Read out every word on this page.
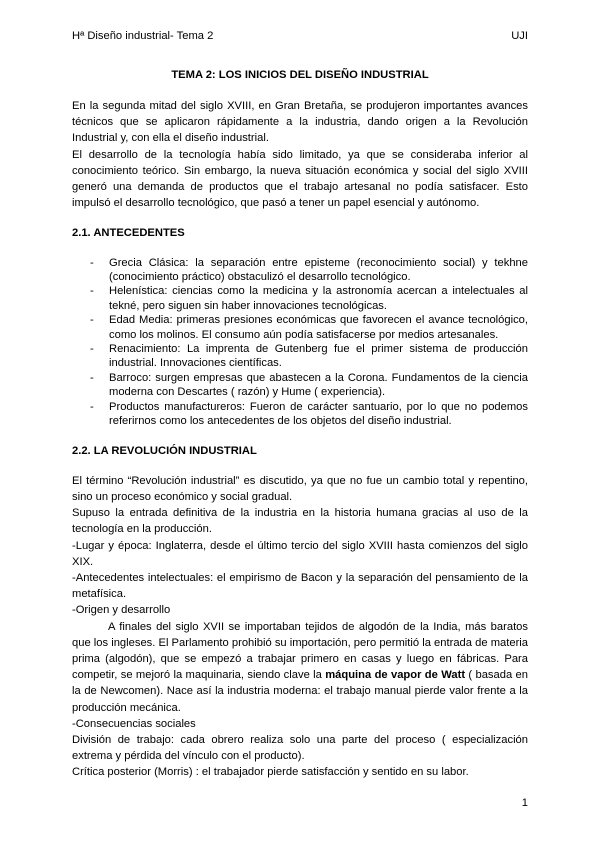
Hª Diseño industrial- Tema 2	UJI
TEMA 2: LOS INICIOS DEL DISEÑO INDUSTRIAL

En la segunda mitad del siglo XVIII, en Gran Bretaña, se produjeron importantes avances técnicos que se aplicaron rápidamente a la industria, dando origen a la Revolución Industrial y, con ella el diseño industrial.

El desarrollo de la tecnología había sido limitado, ya que se consideraba inferior al conocimiento teórico. Sin embargo, la nueva situación económica y social del siglo XVIII generó una demanda de productos que el trabajo artesanal no podía satisfacer. Esto impulsó el desarrollo tecnológico, que pasó a tener un papel esencial y autónomo.

2.1. ANTECEDENTES

- Grecia Clásica: la separación entre episteme (reconocimiento social) y tekhne (conocimiento práctico) obstaculizó el desarrollo tecnológico.
- Helenística: ciencias como la medicina y la astronomía acercan a intelectuales al tekné, pero siguen sin haber innovaciones tecnológicas.
- Edad Media: primeras presiones económicas que favorecen el avance tecnológico, como los molinos. El consumo aún podía satisfacerse por medios artesanales.
- Renacimiento: La imprenta de Gutenberg fue el primer sistema de producción industrial. Innovaciones científicas.
- Barroco: surgen empresas que abastecen a la Corona. Fundamentos de la ciencia moderna con Descartes ( razón) y Hume ( experiencia).
- Productos manufactureros: Fueron de carácter santuario, por lo que no podemos referirnos como los antecedentes de los objetos del diseño industrial.

2.2. LA REVOLUCIÓN INDUSTRIAL

El término “Revolución industrial” es discutido, ya que no fue un cambio total y repentino, sino un proceso económico y social gradual.

Supuso la entrada definitiva de la industria en la historia humana gracias al uso de la tecnología en la producción.

-Lugar y época: Inglaterra, desde el último tercio del siglo XVIII hasta comienzos del siglo XIX.

-Antecedentes intelectuales: el empirismo de Bacon y la separación del pensamiento de la metafísica.

-Origen y desarrollo

A finales del siglo XVII se importaban tejidos de algodón de la India, más baratos que los ingleses. El Parlamento prohibió su importación, pero permitió la entrada de materia prima (algodón), que se empezó a trabajar primero en casas y luego en fábricas. Para competir, se mejoró la maquinaria, siendo clave la máquina de vapor de Watt ( basada en la de Newcomen). Nace así la industria moderna: el trabajo manual pierde valor frente a la producción mecánica.

-Consecuencias sociales

División de trabajo: cada obrero realiza solo una parte del proceso ( especialización extrema y pérdida del vínculo con el producto).

Crítica posterior (Morris) : el trabajador pierde satisfacción y sentido en su labor.

1
